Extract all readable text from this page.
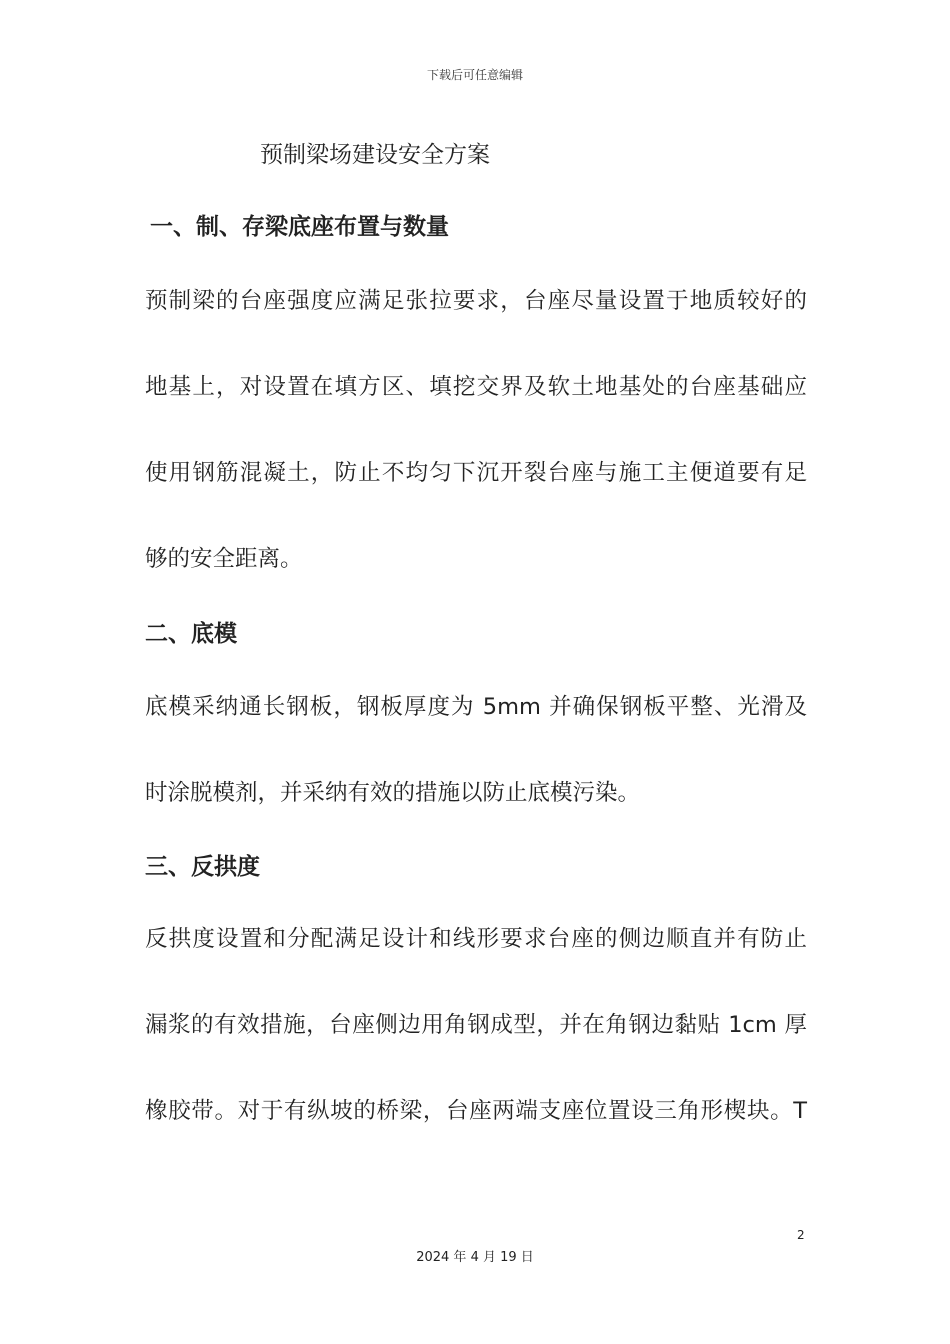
下载后可任意编辑
预制梁场建设安全方案
一、制、存梁底座布置与数量
预制梁的台座强度应满足张拉要求，台座尽量设置于地质较好的
地基上，对设置在填方区、填挖交界及软土地基处的台座基础应
使用钢筋混凝土，防止不均匀下沉开裂台座与施工主便道要有足
够的安全距离。
二、底模
底模采纳通长钢板，钢板厚度为 5mm 并确保钢板平整、光滑及
时涂脱模剂，并采纳有效的措施以防止底模污染。
三、反拱度
反拱度设置和分配满足设计和线形要求台座的侧边顺直并有防止
漏浆的有效措施，台座侧边用角钢成型，并在角钢边黏贴 1cm 厚
橡胶带。对于有纵坡的桥梁，台座两端支座位置设三角形楔块。T
2
2024 年 4 月 19 日
